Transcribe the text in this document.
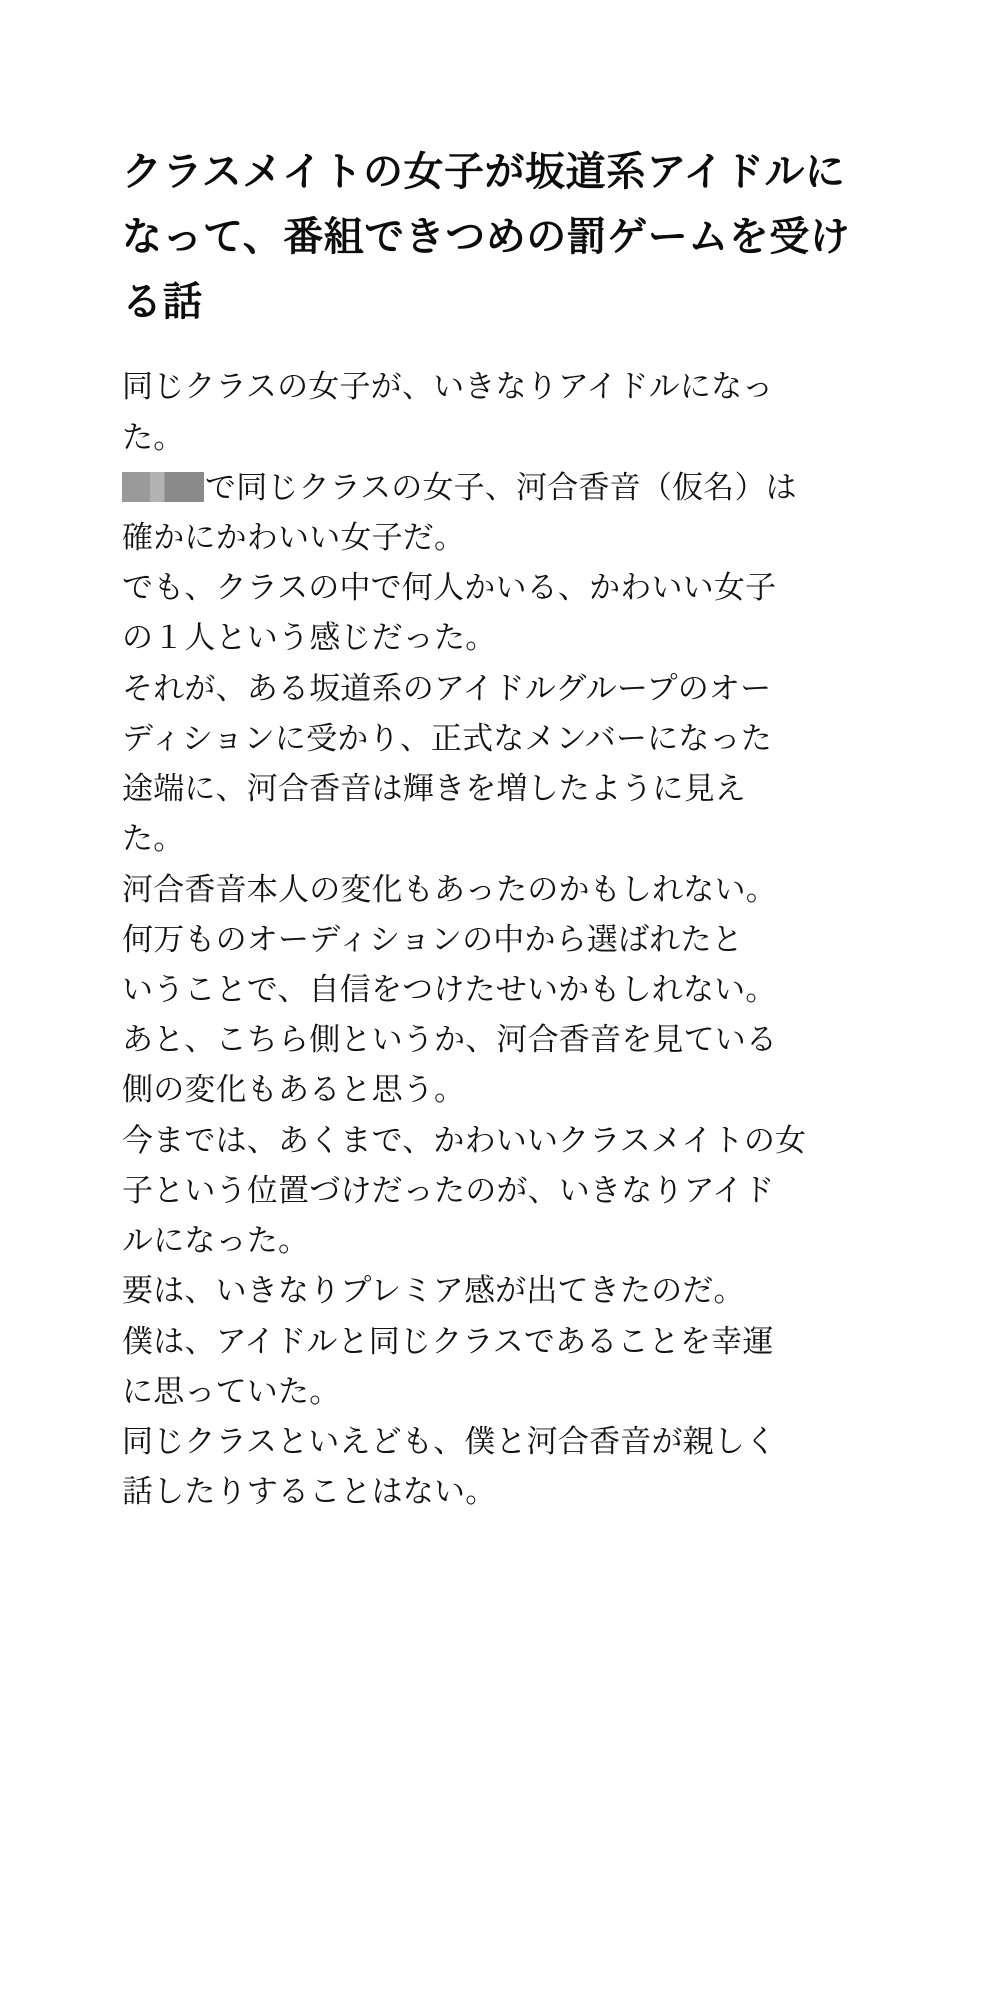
クラスメイトの女子が坂道系アイドルになって、番組できつめの罰ゲームを受ける話

同じクラスの女子が、いきなりアイドルになっ
た。

で同じクラスの女子、河合香音（仮名）は
確かにかわいい女子だ。

でも、クラスの中で何人かいる、かわいい女子
の１人という感じだった。

それが、ある坂道系のアイドルグループのオー
ディションに受かり、正式なメンバーになった
途端に、河合香音は輝きを増したように見え
た。

河合香音本人の変化もあったのかもしれない。
何万ものオーディションの中から選ばれたと
いうことで、自信をつけたせいかもしれない。

あと、こちら側というか、河合香音を見ている
側の変化もあると思う。

今までは、あくまで、かわいいクラスメイトの女
子という位置づけだったのが、いきなりアイド
ルになった。

要は、いきなりプレミア感が出てきたのだ。

僕は、アイドルと同じクラスであることを幸運
に思っていた。

同じクラスといえども、僕と河合香音が親しく
話したりすることはない。
